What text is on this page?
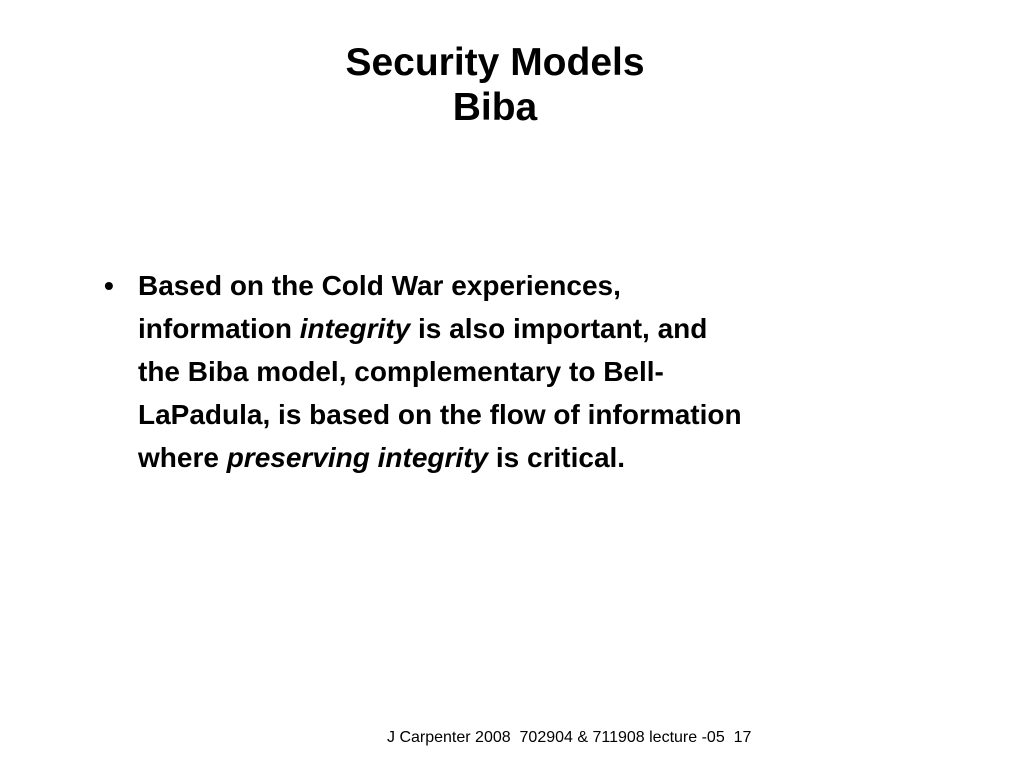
Security Models
Biba
• Based on the Cold War experiences,
information integrity is also important, and
the Biba model, complementary to Bell-
LaPadula, is based on the flow of information
where preserving integrity is critical.
J Carpenter 2008  702904 & 711908 lecture -05  17
